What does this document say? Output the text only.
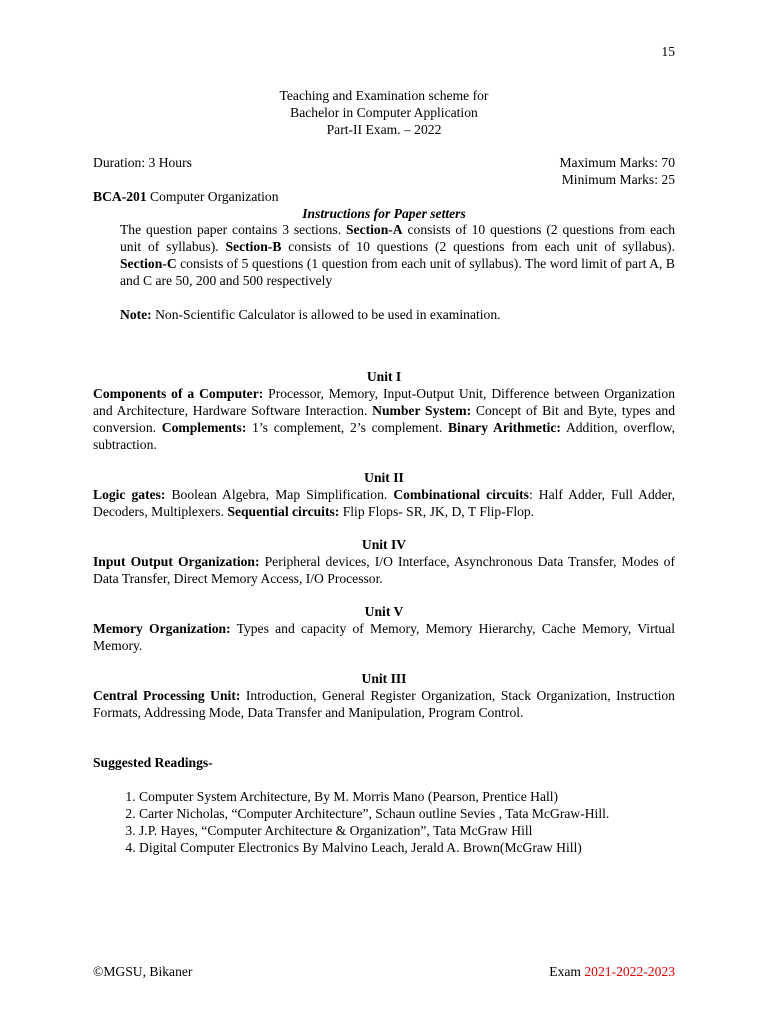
15
Teaching and Examination scheme for
Bachelor in Computer Application
Part-II Exam. – 2022
Duration: 3 Hours	Maximum Marks: 70
Minimum Marks: 25
BCA-201 Computer Organization
Instructions for Paper setters
The question paper contains 3 sections. Section-A consists of 10 questions (2 questions from each unit of syllabus). Section-B consists of 10 questions (2 questions from each unit of syllabus). Section-C consists of 5 questions (1 question from each unit of syllabus). The word limit of part A, B and C are 50, 200 and 500 respectively
Note: Non-Scientific Calculator is allowed to be used in examination.
Unit I
Components of a Computer: Processor, Memory, Input-Output Unit, Difference between Organization and Architecture, Hardware Software Interaction. Number System: Concept of Bit and Byte, types and conversion. Complements: 1’s complement, 2’s complement. Binary Arithmetic: Addition, overflow, subtraction.
Unit II
Logic gates: Boolean Algebra, Map Simplification. Combinational circuits: Half Adder, Full Adder, Decoders, Multiplexers. Sequential circuits: Flip Flops- SR, JK, D, T Flip-Flop.
Unit IV
Input Output Organization: Peripheral devices, I/O Interface, Asynchronous Data Transfer, Modes of Data Transfer, Direct Memory Access, I/O Processor.
Unit V
Memory Organization: Types and capacity of Memory, Memory Hierarchy, Cache Memory, Virtual Memory.
Unit III
Central Processing Unit: Introduction, General Register Organization, Stack Organization, Instruction Formats, Addressing Mode, Data Transfer and Manipulation, Program Control.
Suggested Readings-
1. Computer System Architecture, By M. Morris Mano (Pearson, Prentice Hall)
2. Carter Nicholas, “Computer Architecture”, Schaun outline Sevies , Tata McGraw-Hill.
3. J.P. Hayes, “Computer Architecture & Organization”, Tata McGraw Hill
4. Digital Computer Electronics By Malvino Leach, Jerald A. Brown(McGraw Hill)
©MGSU, Bikaner	Exam 2021-2022-2023
